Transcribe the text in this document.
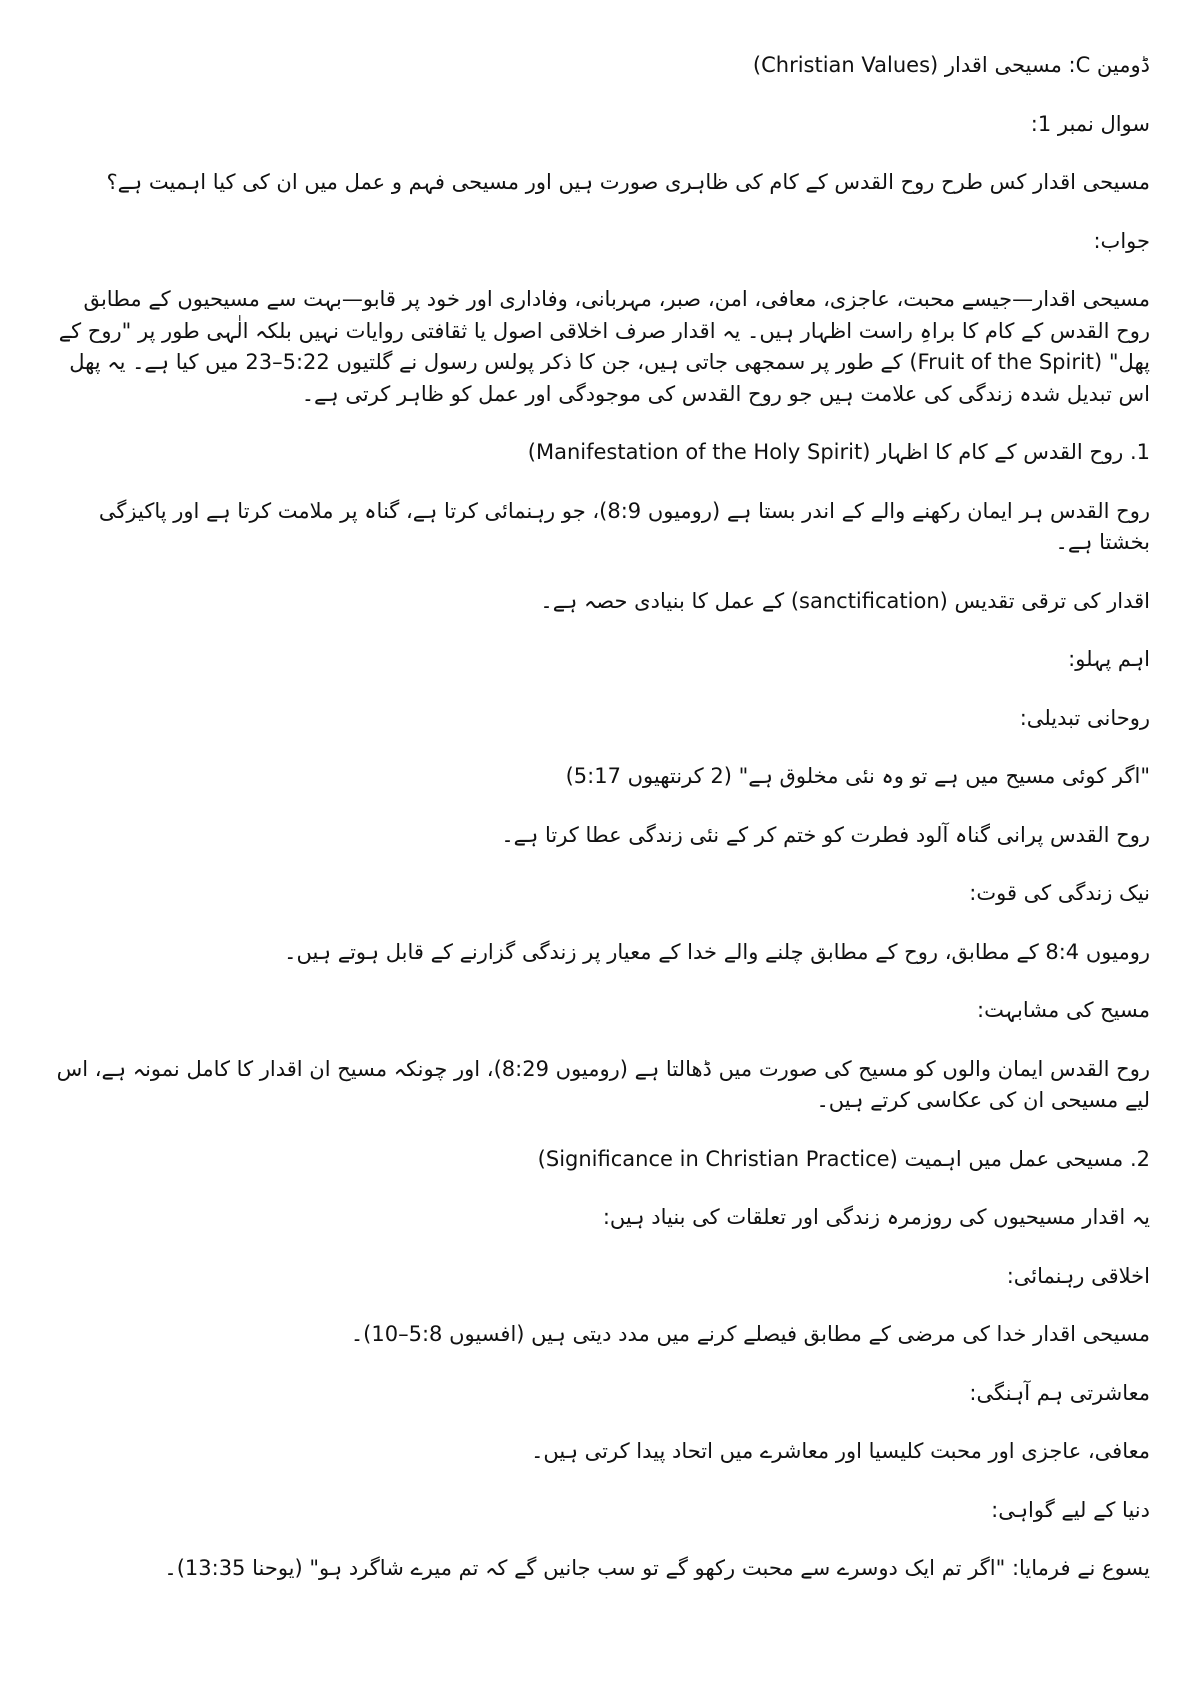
ڈومین C: مسیحی اقدار (Christian Values)

سوال نمبر 1:

مسیحی اقدار کس طرح روح القدس کے کام کی ظاہری صورت ہیں اور مسیحی فہم و عمل میں ان کی کیا اہمیت ہے؟

جواب:

مسیحی اقدار—جیسے محبت، عاجزی، معافی، امن، صبر، مہربانی، وفاداری اور خود پر قابو—بہت سے مسیحیوں کے مطابق روح القدس کے کام کا براہِ راست اظہار ہیں۔ یہ اقدار صرف اخلاقی اصول یا ثقافتی روایات نہیں بلکہ الٰہی طور پر "روح کے پھل" (Fruit of the Spirit) کے طور پر سمجھی جاتی ہیں، جن کا ذکر پولس رسول نے گلتیوں 5:22–23 میں کیا ہے۔ یہ پھل اس تبدیل شدہ زندگی کی علامت ہیں جو روح القدس کی موجودگی اور عمل کو ظاہر کرتی ہے۔

1. روح القدس کے کام کا اظہار (Manifestation of the Holy Spirit)

روح القدس ہر ایمان رکھنے والے کے اندر بستا ہے (رومیوں 8:9)، جو رہنمائی کرتا ہے، گناہ پر ملامت کرتا ہے اور پاکیزگی بخشتا ہے۔

اقدار کی ترقی تقدیس (sanctification) کے عمل کا بنیادی حصہ ہے۔

اہم پہلو:

روحانی تبدیلی:

"اگر کوئی مسیح میں ہے تو وہ نئی مخلوق ہے" (2 کرنتھیوں 5:17)

روح القدس پرانی گناہ آلود فطرت کو ختم کر کے نئی زندگی عطا کرتا ہے۔

نیک زندگی کی قوت:

رومیوں 8:4 کے مطابق، روح کے مطابق چلنے والے خدا کے معیار پر زندگی گزارنے کے قابل ہوتے ہیں۔

مسیح کی مشابہت:

روح القدس ایمان والوں کو مسیح کی صورت میں ڈھالتا ہے (رومیوں 8:29)، اور چونکہ مسیح ان اقدار کا کامل نمونہ ہے، اس لیے مسیحی ان کی عکاسی کرتے ہیں۔

2. مسیحی عمل میں اہمیت (Significance in Christian Practice)

یہ اقدار مسیحیوں کی روزمرہ زندگی اور تعلقات کی بنیاد ہیں:

اخلاقی رہنمائی:

مسیحی اقدار خدا کی مرضی کے مطابق فیصلے کرنے میں مدد دیتی ہیں (افسیوں 5:8–10)۔

معاشرتی ہم آہنگی:

معافی، عاجزی اور محبت کلیسیا اور معاشرے میں اتحاد پیدا کرتی ہیں۔

دنیا کے لیے گواہی:

یسوع نے فرمایا: "اگر تم ایک دوسرے سے محبت رکھو گے تو سب جانیں گے کہ تم میرے شاگرد ہو" (یوحنا 13:35)۔
